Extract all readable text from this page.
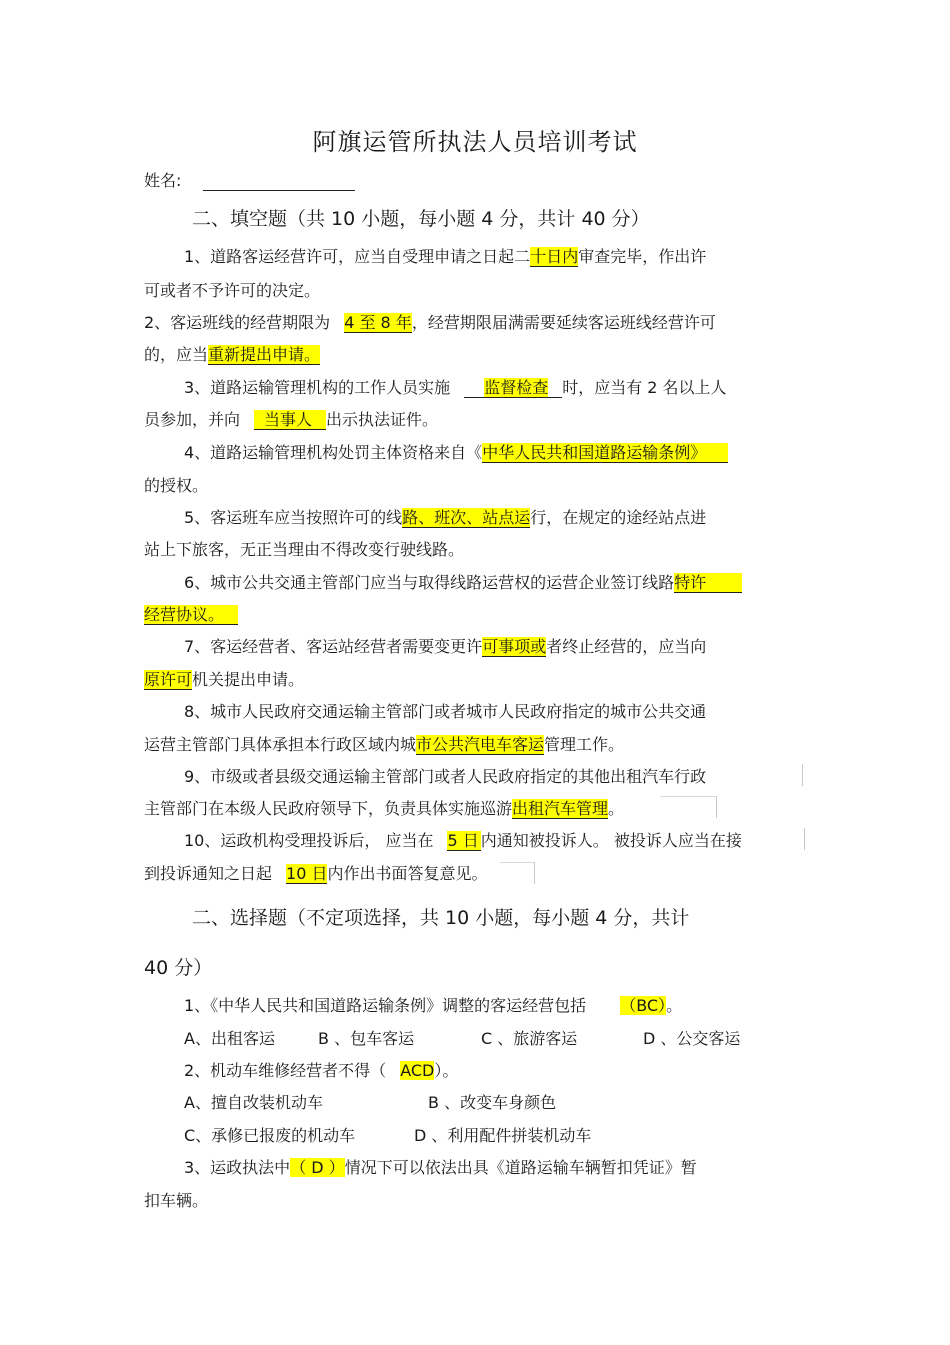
阿旗运管所执法人员培训考试
姓名:
二、填空题（共 10 小题，每小题 4 分，共计 40 分）
1、道路客运经营许可，应当自受理申请之日起二十日内审查完毕，作出许
可或者不予许可的决定。
2、客运班线的经营期限为 4 至 8 年，经营期限届满需要延续客运班线经营许可
的，应当重新提出申请。
3、道路运输管理机构的工作人员实施 监督检查 时，应当有 2 名以上人
员参加，并向 当事人 出示执法证件。
4、道路运输管理机构处罚主体资格来自《中华人民共和国道路运输条例》
的授权。
5、客运班车应当按照许可的线路、班次、站点运行，在规定的途经站点进
站上下旅客，无正当理由不得改变行驶线路。
6、城市公共交通主管部门应当与取得线路运营权的运营企业签订线路特许
经营协议。
7、客运经营者、客运站经营者需要变更许可事项或者终止经营的，应当向
原许可机关提出申请。
8、城市人民政府交通运输主管部门或者城市人民政府指定的城市公共交通
运营主管部门具体承担本行政区域内城市公共汽电车客运管理工作。
9、市级或者县级交通运输主管部门或者人民政府指定的其他出租汽车行政
主管部门在本级人民政府领导下，负责具体实施巡游出租汽车管理。
10、运政机构受理投诉后， 应当在 5 日 内通知被投诉人。 被投诉人应当在接
到投诉通知之日起 10 日内作出书面答复意见。
二、选择题（不定项选择，共 10 小题，每小题 4 分，共计
40 分）
1、《中华人民共和国道路运输条例》调整的客运经营包括 （BC）。
A、出租客运	B 、包车客运	C 、旅游客运	D 、公交客运
2、机动车维修经营者不得（ ACD）。
A、擅自改装机动车	B 、改变车身颜色
C、承修已报废的机动车	D 、利用配件拼装机动车
3、运政执法中（ D ）情况下可以依法出具《道路运输车辆暂扣凭证》暂
扣车辆。
